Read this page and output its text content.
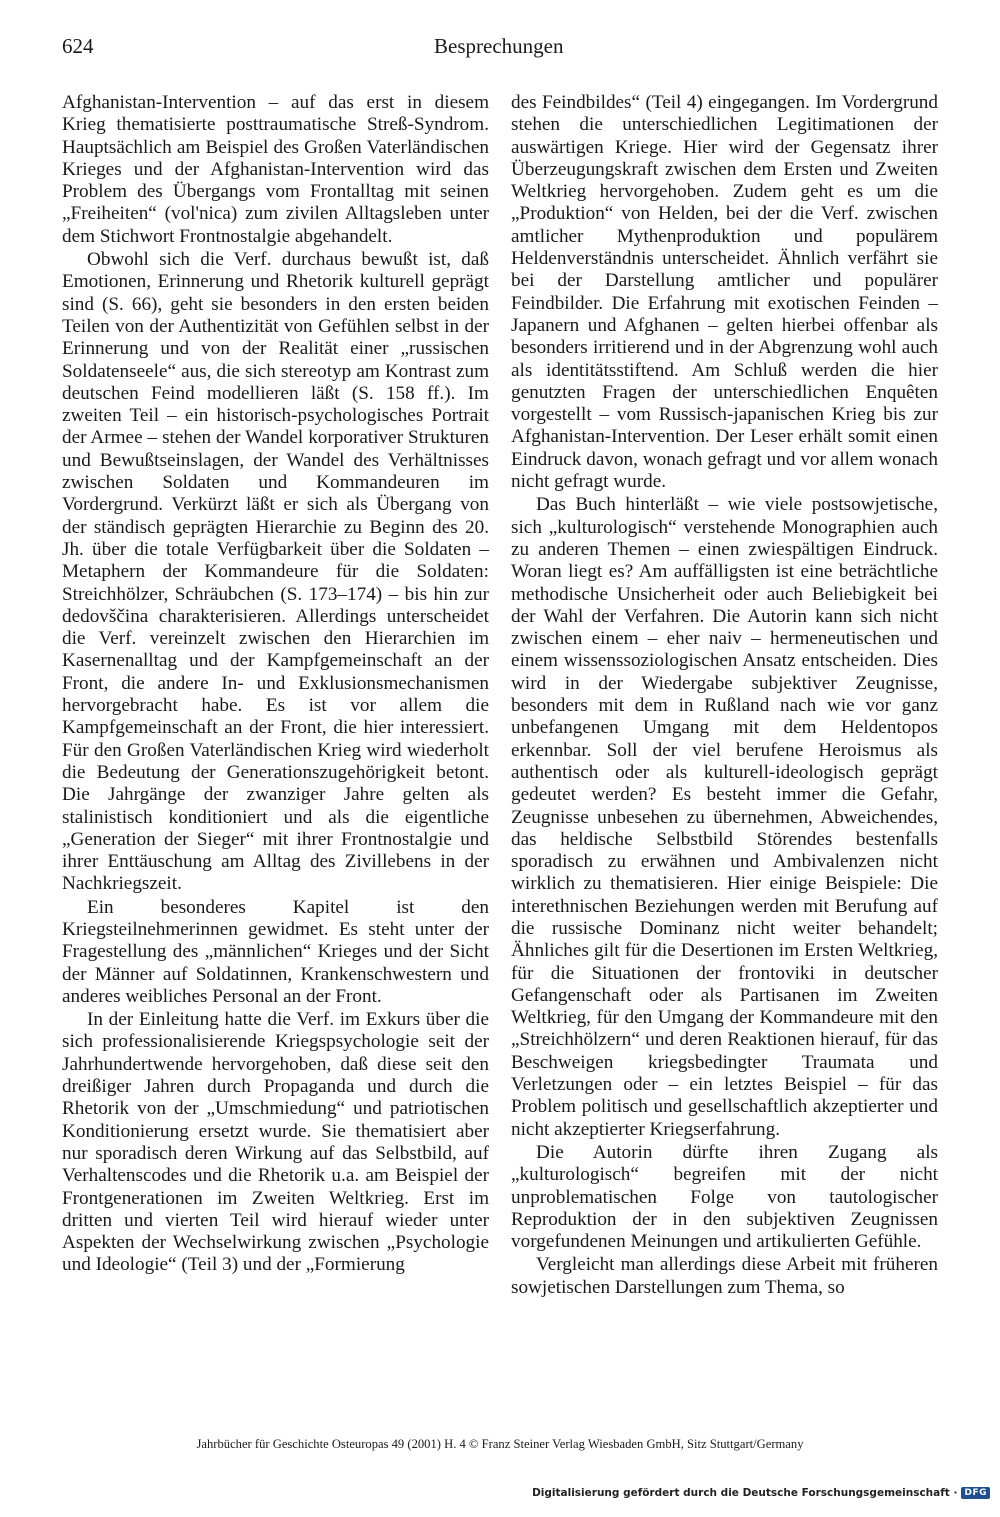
624	Besprechungen

Afghanistan-Intervention – auf das erst in diesem Krieg thematisierte posttraumatische Streß-Syndrom. Hauptsächlich am Beispiel des Großen Vaterländischen Krieges und der Afghanistan-Intervention wird das Problem des Übergangs vom Frontalltag mit seinen „Freiheiten“ (vol'nica) zum zivilen Alltagsleben unter dem Stichwort Frontnostalgie abgehandelt.

Obwohl sich die Verf. durchaus bewußt ist, daß Emotionen, Erinnerung und Rhetorik kulturell geprägt sind (S. 66), geht sie besonders in den ersten beiden Teilen von der Authentizität von Gefühlen selbst in der Erinnerung und von der Realität einer „russischen Soldatenseele“ aus, die sich stereotyp am Kontrast zum deutschen Feind modellieren läßt (S. 158 ff.). Im zweiten Teil – ein historisch-psychologisches Portrait der Armee – stehen der Wandel korporativer Strukturen und Bewußtseinslagen, der Wandel des Verhältnisses zwischen Soldaten und Kommandeuren im Vordergrund. Verkürzt läßt er sich als Übergang von der ständisch geprägten Hierarchie zu Beginn des 20. Jh. über die totale Verfügbarkeit über die Soldaten – Metaphern der Kommandeure für die Soldaten: Streichhölzer, Schräubchen (S. 173–174) – bis hin zur dedovščina charakterisieren. Allerdings unterscheidet die Verf. vereinzelt zwischen den Hierarchien im Kasernenalltag und der Kampfgemeinschaft an der Front, die andere In- und Exklusionsmechanismen hervorgebracht habe. Es ist vor allem die Kampfgemeinschaft an der Front, die hier interessiert. Für den Großen Vaterländischen Krieg wird wiederholt die Bedeutung der Generationszugehörigkeit betont. Die Jahrgänge der zwanziger Jahre gelten als stalinistisch konditioniert und als die eigentliche „Generation der Sieger“ mit ihrer Frontnostalgie und ihrer Enttäuschung am Alltag des Zivillebens in der Nachkriegszeit.

Ein besonderes Kapitel ist den Kriegsteilnehmerinnen gewidmet. Es steht unter der Fragestellung des „männlichen“ Krieges und der Sicht der Männer auf Soldatinnen, Krankenschwestern und anderes weibliches Personal an der Front.

In der Einleitung hatte die Verf. im Exkurs über die sich professionalisierende Kriegspsychologie seit der Jahrhundertwende hervorgehoben, daß diese seit den dreißiger Jahren durch Propaganda und durch die Rhetorik von der „Umschmiedung“ und patriotischen Konditionierung ersetzt wurde. Sie thematisiert aber nur sporadisch deren Wirkung auf das Selbstbild, auf Verhaltenscodes und die Rhetorik u.a. am Beispiel der Frontgenerationen im Zweiten Weltkrieg. Erst im dritten und vierten Teil wird hierauf wieder unter Aspekten der Wechselwirkung zwischen „Psychologie und Ideologie“ (Teil 3) und der „Formierung

des Feindbildes“ (Teil 4) eingegangen. Im Vordergrund stehen die unterschiedlichen Legitimationen der auswärtigen Kriege. Hier wird der Gegensatz ihrer Überzeugungskraft zwischen dem Ersten und Zweiten Weltkrieg hervorgehoben. Zudem geht es um die „Produktion“ von Helden, bei der die Verf. zwischen amtlicher Mythenproduktion und populärem Heldenverständnis unterscheidet. Ähnlich verfährt sie bei der Darstellung amtlicher und populärer Feindbilder. Die Erfahrung mit exotischen Feinden – Japanern und Afghanen – gelten hierbei offenbar als besonders irritierend und in der Abgrenzung wohl auch als identitätsstiftend. Am Schluß werden die hier genutzten Fragen der unterschiedlichen Enquêten vorgestellt – vom Russisch-japanischen Krieg bis zur Afghanistan-Intervention. Der Leser erhält somit einen Eindruck davon, wonach gefragt und vor allem wonach nicht gefragt wurde.

Das Buch hinterläßt – wie viele postsowjetische, sich „kulturologisch“ verstehende Monographien auch zu anderen Themen – einen zwiespältigen Eindruck. Woran liegt es? Am auffälligsten ist eine beträchtliche methodische Unsicherheit oder auch Beliebigkeit bei der Wahl der Verfahren. Die Autorin kann sich nicht zwischen einem – eher naiv – hermeneutischen und einem wissenssoziologischen Ansatz entscheiden. Dies wird in der Wiedergabe subjektiver Zeugnisse, besonders mit dem in Rußland nach wie vor ganz unbefangenen Umgang mit dem Heldentopos erkennbar. Soll der viel berufene Heroismus als authentisch oder als kulturell-ideologisch geprägt gedeutet werden? Es besteht immer die Gefahr, Zeugnisse unbesehen zu übernehmen, Abweichendes, das heldische Selbstbild Störendes bestenfalls sporadisch zu erwähnen und Ambivalenzen nicht wirklich zu thematisieren. Hier einige Beispiele: Die interethnischen Beziehungen werden mit Berufung auf die russische Dominanz nicht weiter behandelt; Ähnliches gilt für die Desertionen im Ersten Weltkrieg, für die Situationen der frontoviki in deutscher Gefangenschaft oder als Partisanen im Zweiten Weltkrieg, für den Umgang der Kommandeure mit den „Streichhölzern“ und deren Reaktionen hierauf, für das Beschweigen kriegsbedingter Traumata und Verletzungen oder – ein letztes Beispiel – für das Problem politisch und gesellschaftlich akzeptierter und nicht akzeptierter Kriegserfahrung.

Die Autorin dürfte ihren Zugang als „kulturologisch“ begreifen mit der nicht unproblematischen Folge von tautologischer Reproduktion der in den subjektiven Zeugnissen vorgefundenen Meinungen und artikulierten Gefühle.

Vergleicht man allerdings diese Arbeit mit früheren sowjetischen Darstellungen zum Thema, so

Jahrbücher für Geschichte Osteuropas 49 (2001) H. 4 © Franz Steiner Verlag Wiesbaden GmbH, Sitz Stuttgart/Germany
Digitalisierung gefördert durch die Deutsche Forschungsgemeinschaft · DFG
